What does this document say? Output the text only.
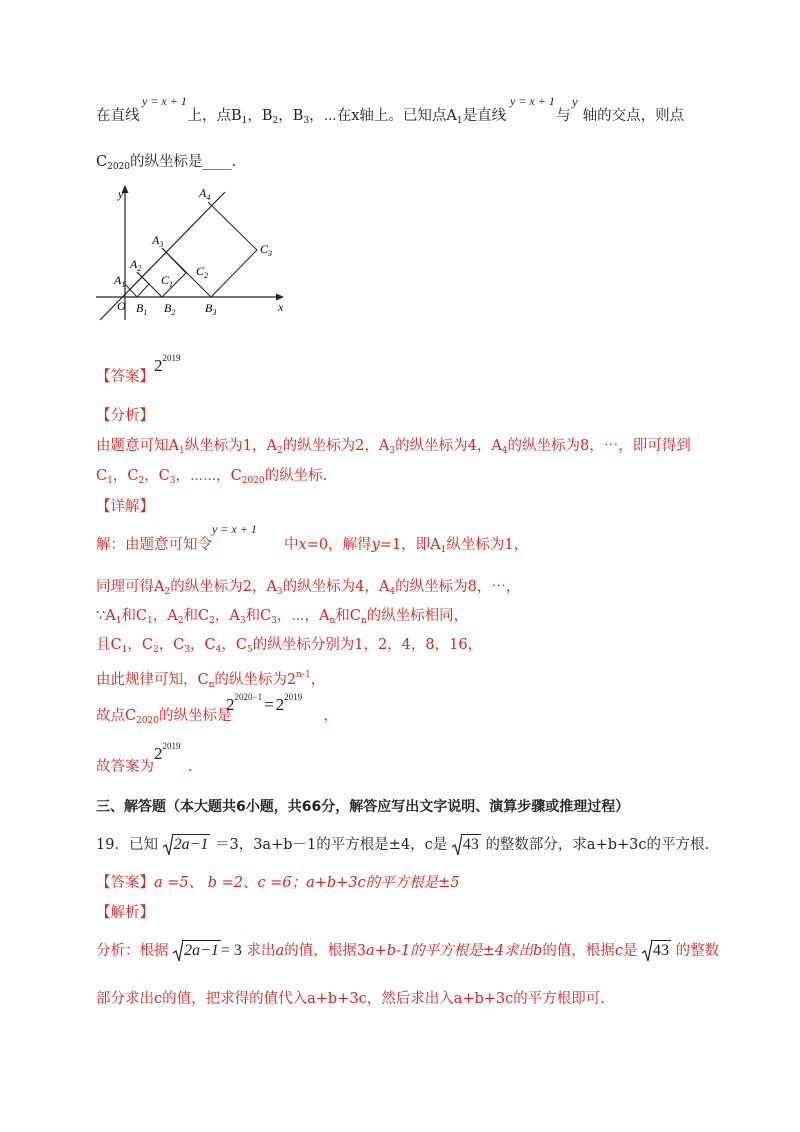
在直线	上，点$B_1$，$B_2$，$B_3$，⋯在x轴上。已知点$A_1$是直线	与 轴的交点，则点
y = x + 1	y = x + 1 y
$C_{2020}$的纵坐标是____.
y
x
O
$A_1$
$A_2$
$A_3$
$A_4$
$B_1$ $B_2$ $B_3$
$C_1$
$C_2$
$C_3$
【答案】
$2^{2019}$
【分析】
由题意可知$A_1$纵坐标为1，$A_2$的纵坐标为2，$A_3$的纵坐标为4，$A_4$的纵坐标为8，⋯，即可得到
$C_1$，$C_2$，$C_3$，⋯⋯，$C_{2020}$的纵坐标.
【详解】
解：由题意可知令	中x=0，解得y=1，即$A_1$纵坐标为1，
y = x + 1
同理可得$A_2$的纵坐标为2，$A_3$的纵坐标为4，$A_4$的纵坐标为8，⋯，
$\because A_1$和$C_1$，$A_2$和$C_2$，$A_3$和$C_3$，⋯，$A_n$和$C_n$的纵坐标相同，
且$C_1$，$C_2$，$C_3$，$C_4$，$C_5$的纵坐标分别为1，2，4，8，16，
由此规律可知，$C_n$的纵坐标为2$^{n-1}$，
故点$C_{2020}$的纵坐标是	，
$2^{2020-1} = 2^{2019}$
故答案为 .
$2^{2019}$
三、解答题（本大题共6小题，共66分，解答应写出文字说明、演算步骤或推理过程）
19．已知 2a−1 ＝3，3a+b－1的平方根是±4，c是 43 的整数部分，求a+b+3c的平方根.
【答案】a =5、 b =2、c =6；a+b+3c的平方根是±5
【解析】
分析：根据 2a−1 = 3 求出a的值，根据3a+b-1的平方根是±4求出b的值，根据c是 43 的整数
部分求出c的值，把求得的值代入a+b+3c，然后求出入a+b+3c的平方根即可.
